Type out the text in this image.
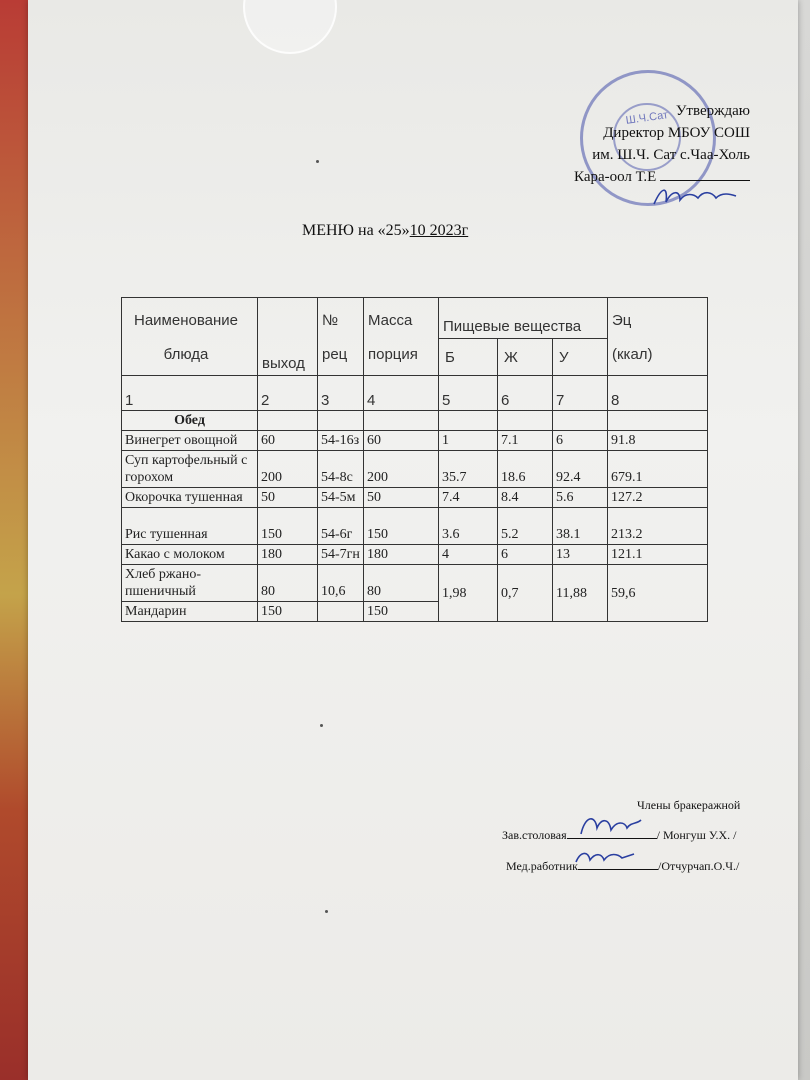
Ш.Ч.Сат Утверждаю
Директор МБОУ СОШ
им. Ш.Ч. Сат с.Чаа-Холь
Кара-оол Т.Е
МЕНЮ на «25»10 2023г
Наименование блюда	выход	№ рец	Масса порция	Пищевые вещества			Эц (ккал)

				Б	Ж	У	
1	2	3	4	5	6	7	8
Обед							
Винегрет овощной	60	54-16з	60	1	7.1	6	91.8
Суп картофельный с горохом	200	54-8с	200	35.7	18.6	92.4	679.1
Окорочка тушенная	50	54-5м	50	7.4	8.4	5.6	127.2
Рис тушенная	150	54-6г	150	3.6	5.2	38.1	213.2
Какао с молоком	180	54-7гн	180	4	6	13	121.1
Хлеб ржано-пшеничный	80	10,6	80	1,98	0,7	11,88	59,6
Мандарин	150		150				
Члены бракеражной
Зав.столовая	/ Монгуш У.Х. /
Мед.работник	/Отчурчап.О.Ч./
